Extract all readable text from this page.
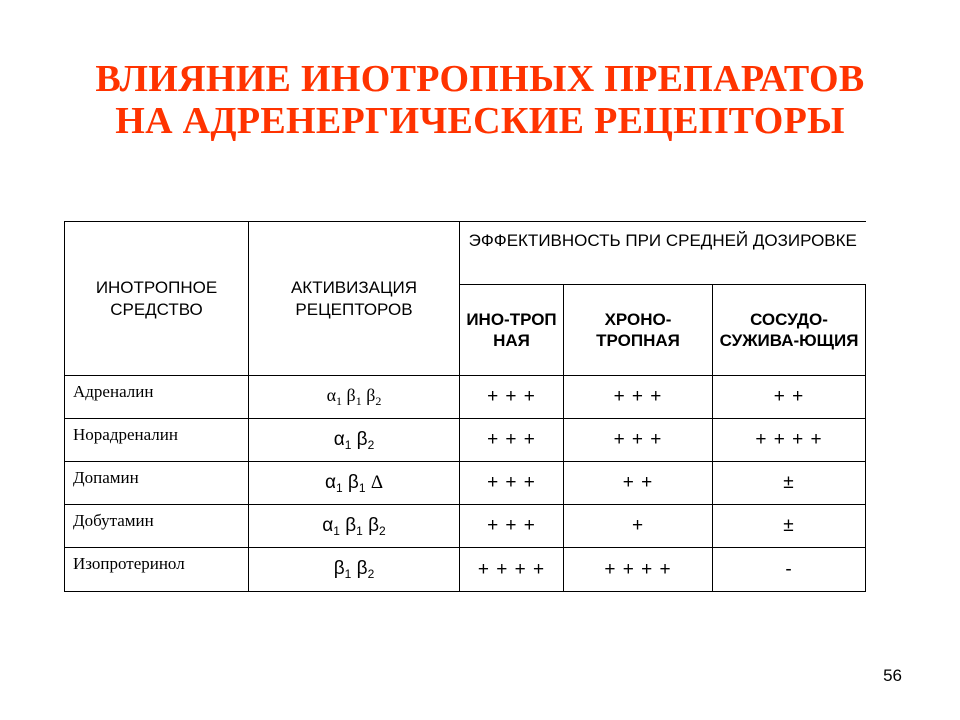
ВЛИЯНИЕ ИНОТРОПНЫХ ПРЕПАРАТОВ
НА АДРЕНЕРГИЧЕСКИЕ РЕЦЕПТОРЫ
ИНОТРОПНОЕ СРЕДСТВО	АКТИВИЗАЦИЯ РЕЦЕПТОРОВ	ЭФФЕКТИВНОСТЬ ПРИ СРЕДНЕЙ ДОЗИРОВКЕ		
		ИНО-ТРОП НАЯ	ХРОНО-ТРОПНАЯ	СОСУДО-СУЖИВА-ЮЩИЯ
Адреналин	$\alpha_1$ $\beta_1$ $\beta_2$	+ + +	+ + +	+ +
Норадреналин	$\alpha_1$ $\beta_2$	+ + +	+ + +	+ + + +
Допамин	$\alpha_1$ $\beta_1$ Δ	+ + +	+ +	±
Добутамин	$\alpha_1$ $\beta_1$ $\beta_2$	+ + +	+	±
Изопротеринол	$\beta_1$ $\beta_2$	+ + + +	+ + + +	-
56
